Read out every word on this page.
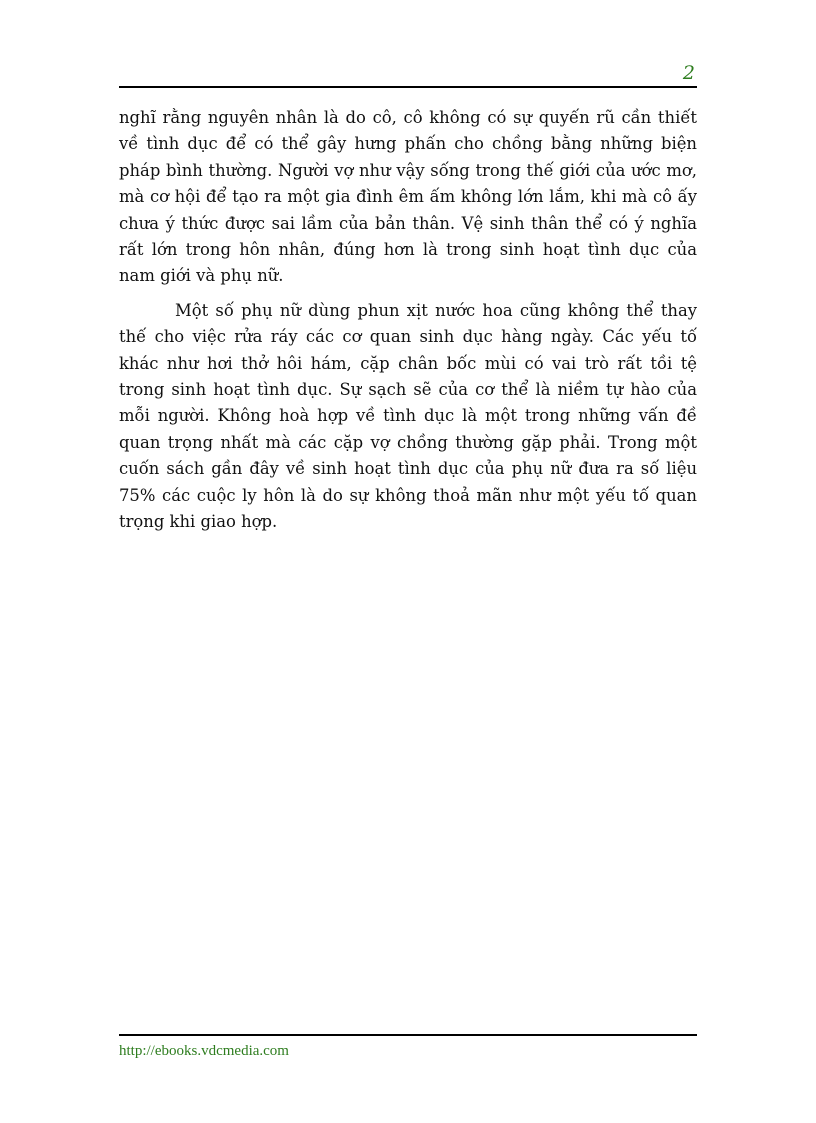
2

nghĩ rằng nguyên nhân là do cô, cô không có sự quyến rũ cần thiết về tình dục để có thể gây hưng phấn cho chồng bằng những biện pháp bình thường. Người vợ như vậy sống trong thế giới của ước mơ, mà cơ hội để tạo ra một gia đình êm ấm không lớn lắm, khi mà cô ấy chưa ý thức được sai lầm của bản thân. Vệ sinh thân thể có ý nghĩa rất lớn trong hôn nhân, đúng hơn là trong sinh hoạt tình dục của nam giới và phụ nữ.

Một số phụ nữ dùng phun xịt nước hoa cũng không thể thay thế cho việc rửa ráy các cơ quan sinh dục hàng ngày. Các yếu tố khác như hơi thở hôi hám, cặp chân bốc mùi có vai trò rất tồi tệ trong sinh hoạt tình dục. Sự sạch sẽ của cơ thể là niềm tự hào của mỗi người. Không hoà hợp về tình dục là một trong những vấn đề quan trọng nhất mà các cặp vợ chồng thường gặp phải. Trong một cuốn sách gần đây về sinh hoạt tình dục của phụ nữ đưa ra số liệu 75% các cuộc ly hôn là do sự không thoả mãn như một yếu tố quan trọng khi giao hợp.

http://ebooks.vdcmedia.com
